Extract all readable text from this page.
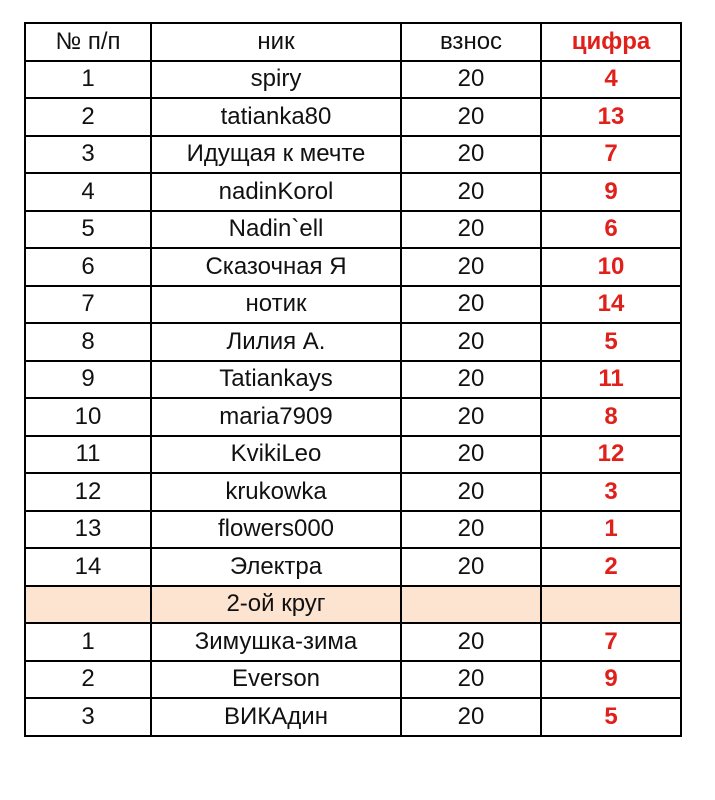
№ п/п	ник	взнос	цифра
1	spiry	20	4
2	tatianka80	20	13
3	Идущая к мечте	20	7
4	nadinKorol	20	9
5	Nadin`ell	20	6
6	Сказочная Я	20	10
7	нотик	20	14
8	Лилия А.	20	5
9	Tatiankays	20	11
10	maria7909	20	8
11	KvikiLeo	20	12
12	krukowka	20	3
13	flowers000	20	1
14	Электра	20	2
	2-ой круг		
1	Зимушка-зима	20	7
2	Everson	20	9
3	ВИКАдин	20	5
